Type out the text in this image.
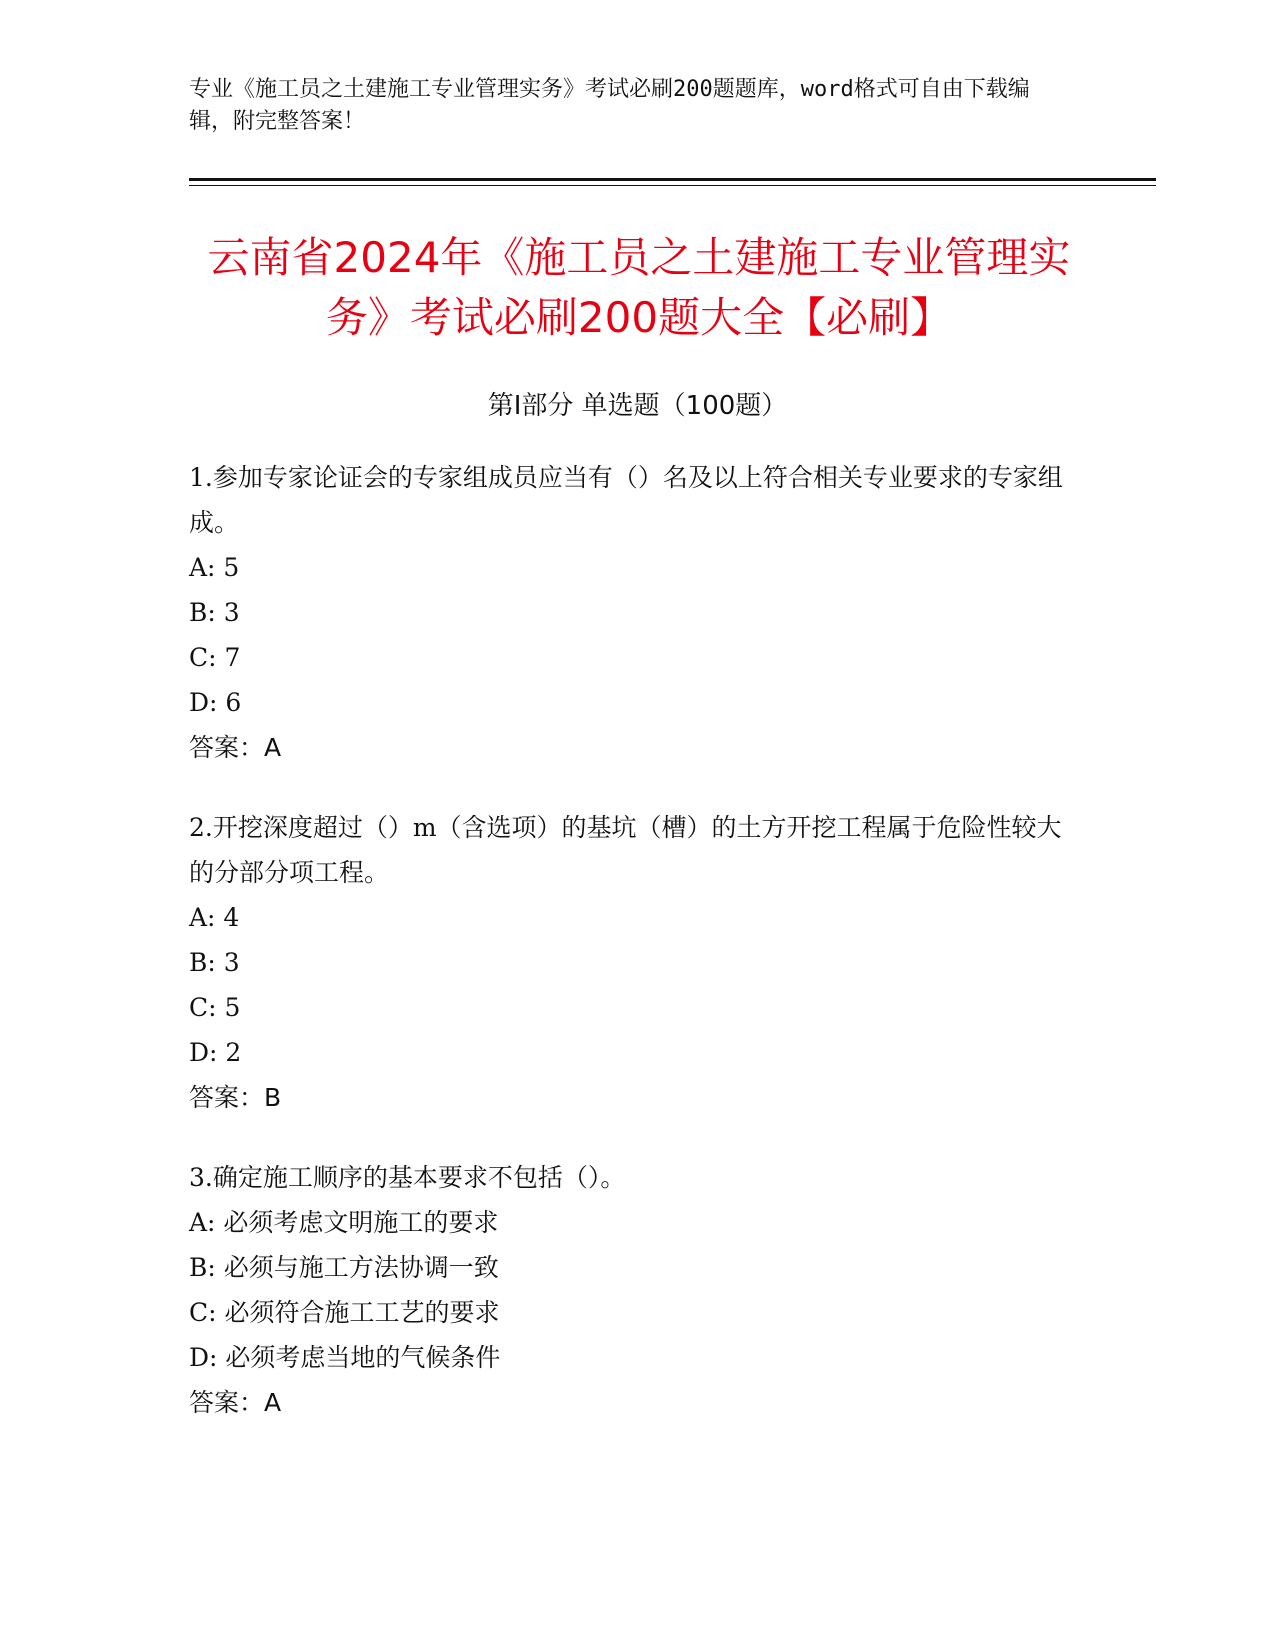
专业《施工员之土建施工专业管理实务》考试必刷200题题库，word格式可自由下载编辑，附完整答案！
云南省2024年《施工员之土建施工专业管理实务》考试必刷200题大全【必刷】
第I部分 单选题（100题）

1.参加专家论证会的专家组成员应当有（）名及以上符合相关专业要求的专家组成。

A: 5

B: 3

C: 7

D: 6

答案：A

2.开挖深度超过（）m（含选项）的基坑（槽）的土方开挖工程属于危险性较大的分部分项工程。

A: 4

B: 3

C: 5

D: 2

答案：B

3.确定施工顺序的基本要求不包括（）。

A: 必须考虑文明施工的要求

B: 必须与施工方法协调一致

C: 必须符合施工工艺的要求

D: 必须考虑当地的气候条件

答案：A
